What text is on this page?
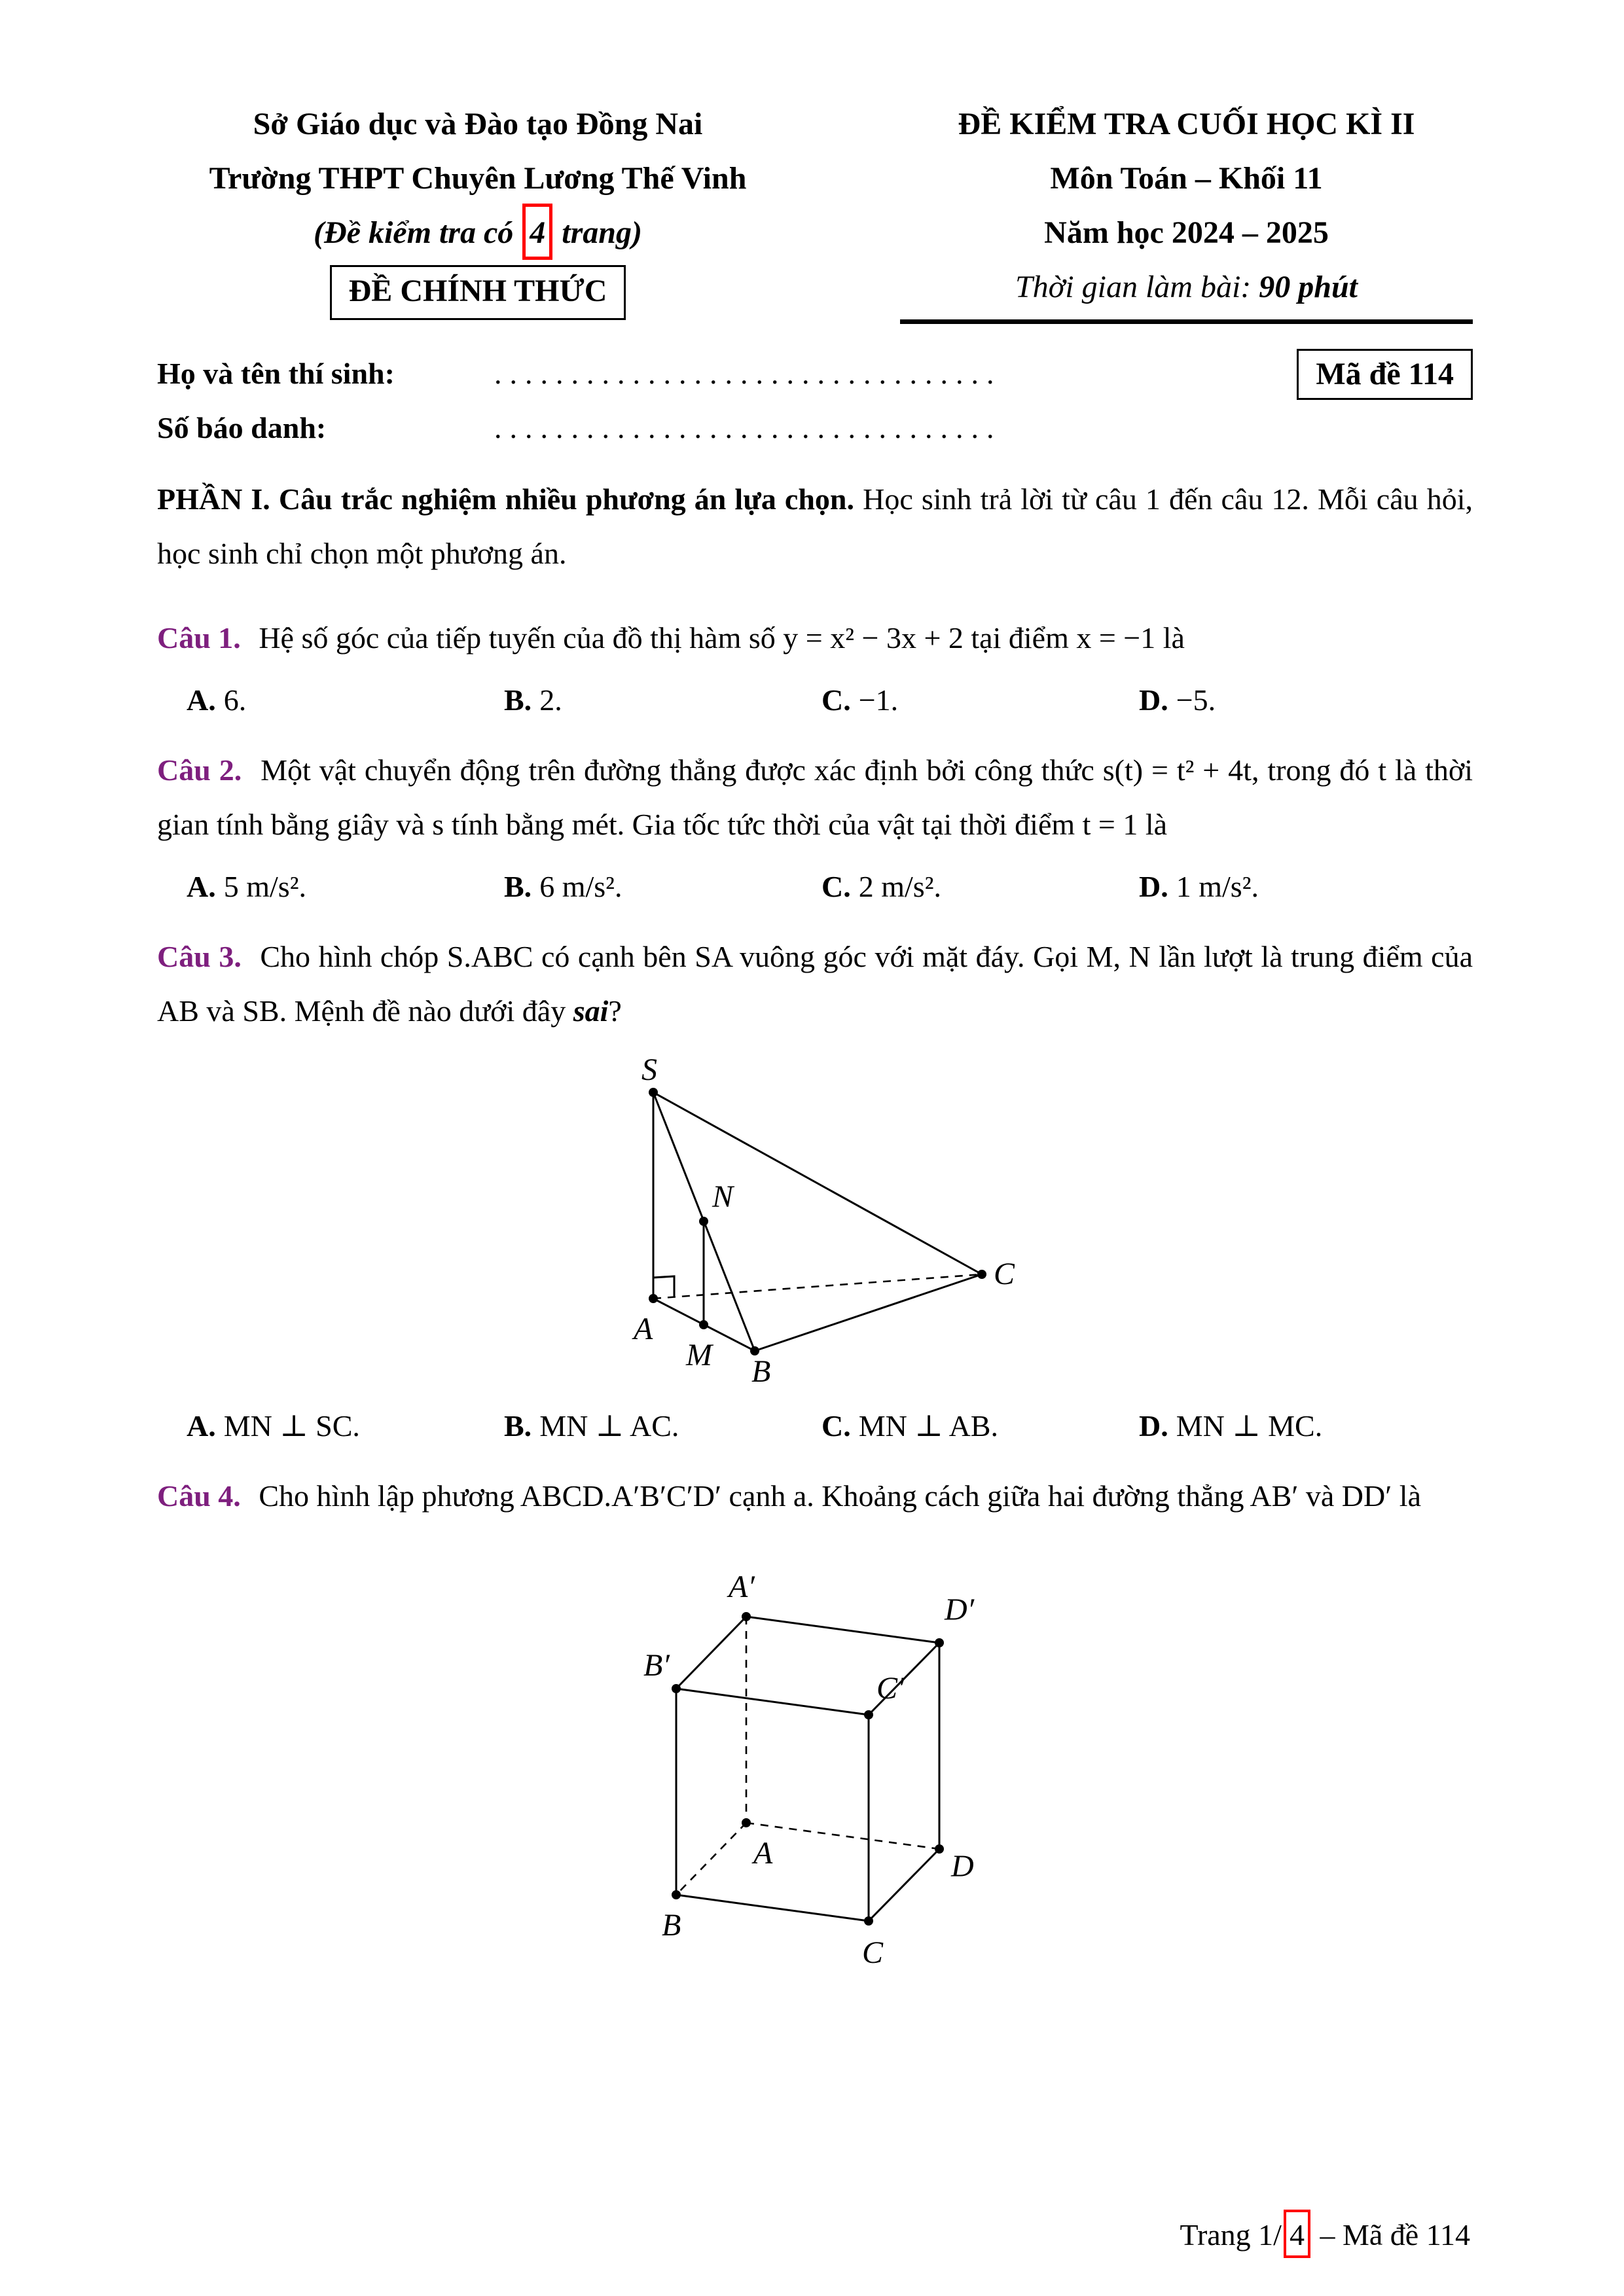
Sở Giáo dục và Đào tạo Đồng Nai
Trường THPT Chuyên Lương Thế Vinh
(Đề kiểm tra có 4 trang)
ĐỀ CHÍNH THỨC
ĐỀ KIỂM TRA CUỐI HỌC KÌ II
Môn Toán – Khối 11
Năm học 2024 – 2025
Thời gian làm bài: 90 phút
Họ và tên thí sinh:	.................................
Số báo danh:	.................................
Mã đề 114

PHẦN I. Câu trắc nghiệm nhiều phương án lựa chọn. Học sinh trả lời từ câu 1 đến câu 12. Mỗi câu hỏi, học sinh chỉ chọn một phương án.

Câu 1. Hệ số góc của tiếp tuyến của đồ thị hàm số y = x² − 3x + 2 tại điểm x = −1 là

A. 6.	B. 2.	C. −1.	D. −5.

Câu 2. Một vật chuyển động trên đường thẳng được xác định bởi công thức s(t) = t² + 4t, trong đó t là thời gian tính bằng giây và s tính bằng mét. Gia tốc tức thời của vật tại thời điểm t = 1 là

A. 5 m/s².	B. 6 m/s².	C. 2 m/s².	D. 1 m/s².

Câu 3. Cho hình chóp S.ABC có cạnh bên SA vuông góc với mặt đáy. Gọi M, N lần lượt là trung điểm của AB và SB. Mệnh đề nào dưới đây sai?

S
N
A
M B
C
A. MN ⊥ SC.	B. MN ⊥ AC.	C. MN ⊥ AB.	D. MN ⊥ MC.

Câu 4. Cho hình lập phương ABCD.A′B′C′D′ cạnh a. Khoảng cách giữa hai đường thẳng AB′ và DD′ là

A′
D′
B′
C′
A	D
B
C
Trang 1/ 4 – Mã đề 114
